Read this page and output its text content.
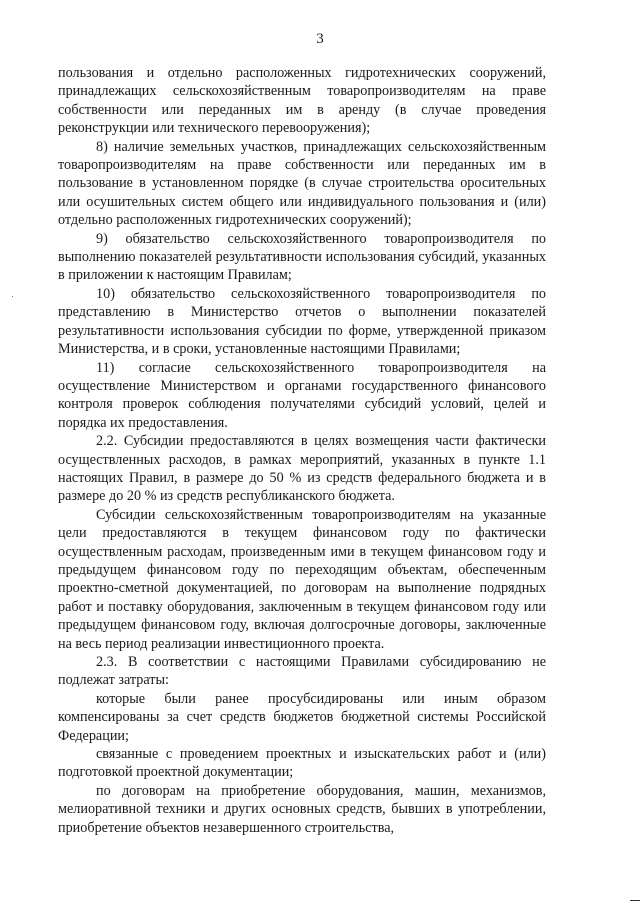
3

пользования и отдельно расположенных гидротехнических сооружений, принадлежащих сельскохозяйственным товаропроизводителям на праве собственности или переданных им в аренду (в случае проведения реконструкции или технического перевооружения);

8) наличие земельных участков, принадлежащих сельскохозяйственным товаропроизводителям на праве собственности или переданных им в пользование в установленном порядке (в случае строительства оросительных или осушительных систем общего или индивидуального пользования и (или) отдельно расположенных гидротехнических сооружений);

9) обязательство сельскохозяйственного товаропроизводителя по выполнению показателей результативности использования субсидий, указанных в приложении к настоящим Правилам;

10) обязательство сельскохозяйственного товаропроизводителя по представлению в Министерство отчетов о выполнении показателей результативности использования субсидии по форме, утвержденной приказом Министерства, и в сроки, установленные настоящими Правилами;

11) согласие сельскохозяйственного товаропроизводителя на осуществление Министерством и органами государственного финансового контроля проверок соблюдения получателями субсидий условий, целей и порядка их предоставления.

2.2. Субсидии предоставляются в целях возмещения части фактически осуществленных расходов, в рамках мероприятий, указанных в пункте 1.1 настоящих Правил, в размере до 50 % из средств федерального бюджета и в размере до 20 % из средств республиканского бюджета.

Субсидии сельскохозяйственным товаропроизводителям на указанные цели предоставляются в текущем финансовом году по фактически осуществленным расходам, произведенным ими в текущем финансовом году и предыдущем финансовом году по переходящим объектам, обеспеченным проектно-сметной документацией, по договорам на выполнение подрядных работ и поставку оборудования, заключенным в текущем финансовом году или предыдущем финансовом году, включая долгосрочные договоры, заключенные на весь период реализации инвестиционного проекта.

2.3. В соответствии с настоящими Правилами субсидированию не подлежат затраты:

которые были ранее просубсидированы или иным образом компенсированы за счет средств бюджетов бюджетной системы Российской Федерации;

связанные с проведением проектных и изыскательских работ и (или) подготовкой проектной документации;

по договорам на приобретение оборудования, машин, механизмов, мелиоративной техники и других основных средств, бывших в употреблении, приобретение объектов незавершенного строительства,
